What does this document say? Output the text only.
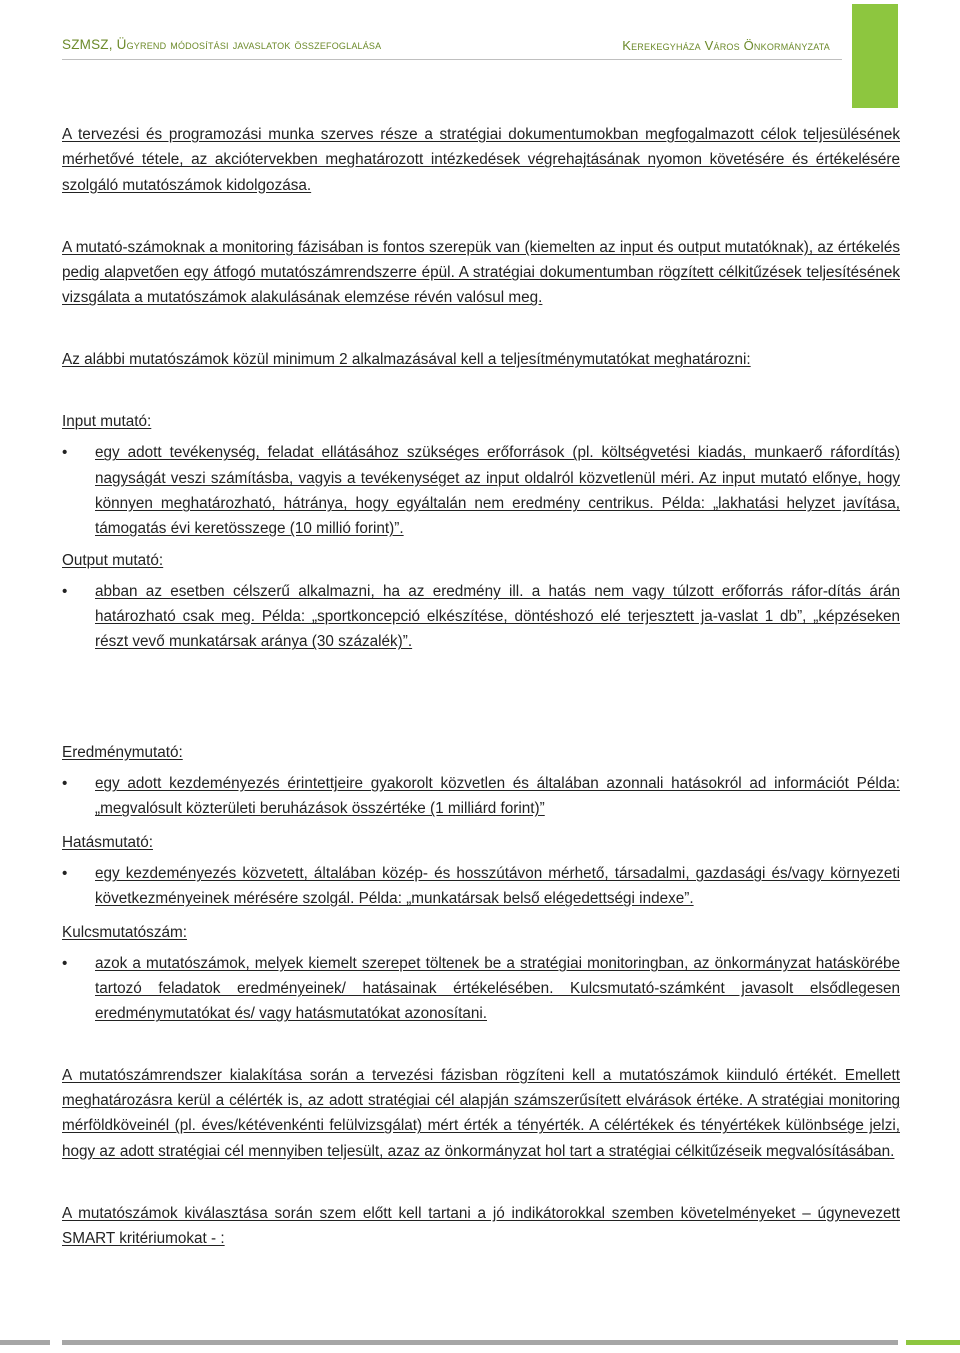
SZMSZ, Ügyrend módosítási javaslatok összefoglalása	Kerekegyháza Város Önkormányzata

A tervezési és programozási munka szerves része a stratégiai dokumentumokban megfogalmazott célok teljesülésének mérhetővé tétele, az akciótervekben meghatározott intézkedések végrehajtásának nyomon követésére és értékelésére szolgáló mutatószámok kidolgozása.

A mutató-számoknak a monitoring fázisában is fontos szerepük van (kiemelten az input és output mutatóknak), az értékelés pedig alapvetően egy átfogó mutatószámrendszerre épül. A stratégiai dokumentumban rögzített célkitűzések teljesítésének vizsgálata a mutatószámok alakulásának elemzése révén valósul meg.

Az alábbi mutatószámok közül minimum 2 alkalmazásával kell a teljesítménymutatókat meghatározni:

Input mutató:

•	egy adott tevékenység, feladat ellátásához szükséges erőforrások (pl. költségvetési kiadás, munkaerő ráfordítás) nagyságát veszi számításba, vagyis a tevékenységet az input oldalról közvetlenül méri. Az input mutató előnye, hogy könnyen meghatározható, hátránya, hogy egyáltalán nem eredmény centrikus. Példa: „lakhatási helyzet javítása, támogatás évi keretösszege (10 millió forint)”.

Output mutató:

•	abban az esetben célszerű alkalmazni, ha az eredmény ill. a hatás nem vagy túlzott erőforrás ráfor-dítás árán határozható csak meg. Példa: „sportkoncepció elkészítése, döntéshozó elé terjesztett ja-vaslat 1 db”, „képzéseken részt vevő munkatársak aránya (30 százalék)”.

Eredménymutató:

•	egy adott kezdeményezés érintettjeire gyakorolt közvetlen és általában azonnali hatásokról ad információt Példa: „megvalósult közterületi beruházások összértéke (1 milliárd forint)”

Hatásmutató:

•	egy kezdeményezés közvetett, általában közép- és hosszútávon mérhető, társadalmi, gazdasági és/vagy környezeti következményeinek mérésére szolgál. Példa: „munkatársak belső elégedettségi indexe”.

Kulcsmutatószám:

•	azok a mutatószámok, melyek kiemelt szerepet töltenek be a stratégiai monitoringban, az önkormányzat hatáskörébe tartozó feladatok eredményeinek/ hatásainak értékelésében. Kulcsmutató-számként javasolt elsődlegesen eredménymutatókat és/ vagy hatásmutatókat azonosítani.

A mutatószámrendszer kialakítása során a tervezési fázisban rögzíteni kell a mutatószámok kiinduló értékét. Emellett meghatározásra kerül a célérték is, az adott stratégiai cél alapján számszerűsített elvárások értéke. A stratégiai monitoring mérföldköveinél (pl. éves/kétévenkénti felülvizsgálat) mért érték a tényérték. A célértékek és tényértékek különbsége jelzi, hogy az adott stratégiai cél mennyiben teljesült, azaz az önkormányzat hol tart a stratégiai célkitűzéseik megvalósításában.

A mutatószámok kiválasztása során szem előtt kell tartani a jó indikátorokkal szemben követelményeket – úgynevezett SMART kritériumokat - :
